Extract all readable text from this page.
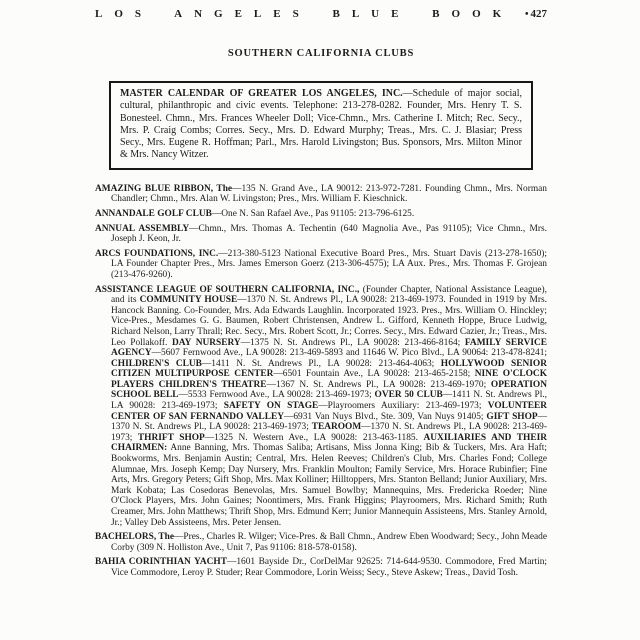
LOS ANGELES BLUE BOOK • 427
SOUTHERN CALIFORNIA CLUBS
MASTER CALENDAR OF GREATER LOS ANGELES, INC.—Schedule of major social, cultural, philanthropic and civic events. Telephone: 213-278-0282. Founder, Mrs. Henry T. S. Bonesteel. Chmn., Mrs. Frances Wheeler Doll; Vice-Chmn., Mrs. Catherine I. Mitch; Rec. Secy., Mrs. P. Craig Combs; Corres. Secy., Mrs. D. Edward Murphy; Treas., Mrs. C. J. Blasiar; Press Secy., Mrs. Eugene R. Hoffman; Parl., Mrs. Harold Livingston; Bus. Sponsors, Mrs. Milton Minor & Mrs. Nancy Witzer.

AMAZING BLUE RIBBON, The—135 N. Grand Ave., LA 90012: 213-972-7281. Founding Chmn., Mrs. Norman Chandler; Chmn., Mrs. Alan W. Livingston; Pres., Mrs. William F. Kieschnick.

ANNANDALE GOLF CLUB—One N. San Rafael Ave., Pas 91105: 213-796-6125.

ANNUAL ASSEMBLY—Chmn., Mrs. Thomas A. Techentin (640 Magnolia Ave., Pas 91105); Vice Chmn., Mrs. Joseph J. Keon, Jr.

ARCS FOUNDATIONS, INC.—213-380-5123 National Executive Board Pres., Mrs. Stuart Davis (213-278-1650); LA Founder Chapter Pres., Mrs. James Emerson Goerz (213-306-4575); LA Aux. Pres., Mrs. Thomas F. Grojean (213-476-9260).

ASSISTANCE LEAGUE OF SOUTHERN CALIFORNIA, INC., (Founder Chapter, National Assistance League), and its COMMUNITY HOUSE—1370 N. St. Andrews Pl., LA 90028: 213-469-1973. Founded in 1919 by Mrs. Hancock Banning. Co-Founder, Mrs. Ada Edwards Laughlin. Incorporated 1923. Pres., Mrs. William O. Hinckley; Vice-Pres., Mesdames G. G. Baumen, Robert Christensen, Andrew L. Gifford, Kenneth Hoppe, Bruce Ludwig, Richard Nelson, Larry Thrall; Rec. Secy., Mrs. Robert Scott, Jr.; Corres. Secy., Mrs. Edward Cazier, Jr.; Treas., Mrs. Leo Pollakoff. DAY NURSERY—1375 N. St. Andrews Pl., LA 90028: 213-466-8164; FAMILY SERVICE AGENCY—5607 Fernwood Ave., LA 90028: 213-469-5893 and 11646 W. Pico Blvd., LA 90064: 213-478-8241; CHILDREN'S CLUB—1411 N. St. Andrews Pl., LA 90028: 213-464-4063; HOLLYWOOD SENIOR CITIZEN MULTIPURPOSE CENTER—6501 Fountain Ave., LA 90028: 213-465-2158; NINE O'CLOCK PLAYERS CHILDREN'S THEATRE—1367 N. St. Andrews Pl., LA 90028: 213-469-1970; OPERATION SCHOOL BELL—5533 Fernwood Ave., LA 90028: 213-469-1973; OVER 50 CLUB—1411 N. St. Andrews Pl., LA 90028: 213-469-1973; SAFETY ON STAGE—Playroomers Auxiliary: 213-469-1973; VOLUNTEER CENTER OF SAN FERNANDO VALLEY—6931 Van Nuys Blvd., Ste. 309, Van Nuys 91405; GIFT SHOP—1370 N. St. Andrews Pl., LA 90028: 213-469-1973; TEAROOM—1370 N. St. Andrews Pl., LA 90028: 213-469-1973; THRIFT SHOP—1325 N. Western Ave., LA 90028: 213-463-1185. AUXILIARIES AND THEIR CHAIRMEN: Anne Banning, Mrs. Thomas Saliba; Artisans, Miss Jonna King; Bib & Tuckers, Mrs. Ara Haft; Bookworms, Mrs. Benjamin Austin; Central, Mrs. Helen Reeves; Children's Club, Mrs. Charles Fond; College Alumnae, Mrs. Joseph Kemp; Day Nursery, Mrs. Franklin Moulton; Family Service, Mrs. Horace Rubinfier; Fine Arts, Mrs. Gregory Peters; Gift Shop, Mrs. Max Kolliner; Hilltoppers, Mrs. Stanton Belland; Junior Auxiliary, Mrs. Mark Kobata; Las Cosedoras Benevolas, Mrs. Samuel Bowlby; Mannequins, Mrs. Fredericka Roeder; Nine O'Clock Players, Mrs. John Gaines; Noontimers, Mrs. Frank Higgins; Playroomers, Mrs. Richard Smith; Ruth Creamer, Mrs. John Matthews; Thrift Shop, Mrs. Edmund Kerr; Junior Mannequin Assisteens, Mrs. Stanley Arnold, Jr.; Valley Deb Assisteens, Mrs. Peter Jensen.

BACHELORS, The—Pres., Charles R. Wilger; Vice-Pres. & Ball Chmn., Andrew Eben Woodward; Secy., John Meade Corby (309 N. Holliston Ave., Unit 7, Pas 91106: 818-578-0158).

BAHIA CORINTHIAN YACHT—1601 Bayside Dr., CorDelMar 92625: 714-644-9530. Commodore, Fred Martin; Vice Commodore, Leroy P. Studer; Rear Commodore, Lorin Weiss; Secy., Steve Askew; Treas., David Tosh.
